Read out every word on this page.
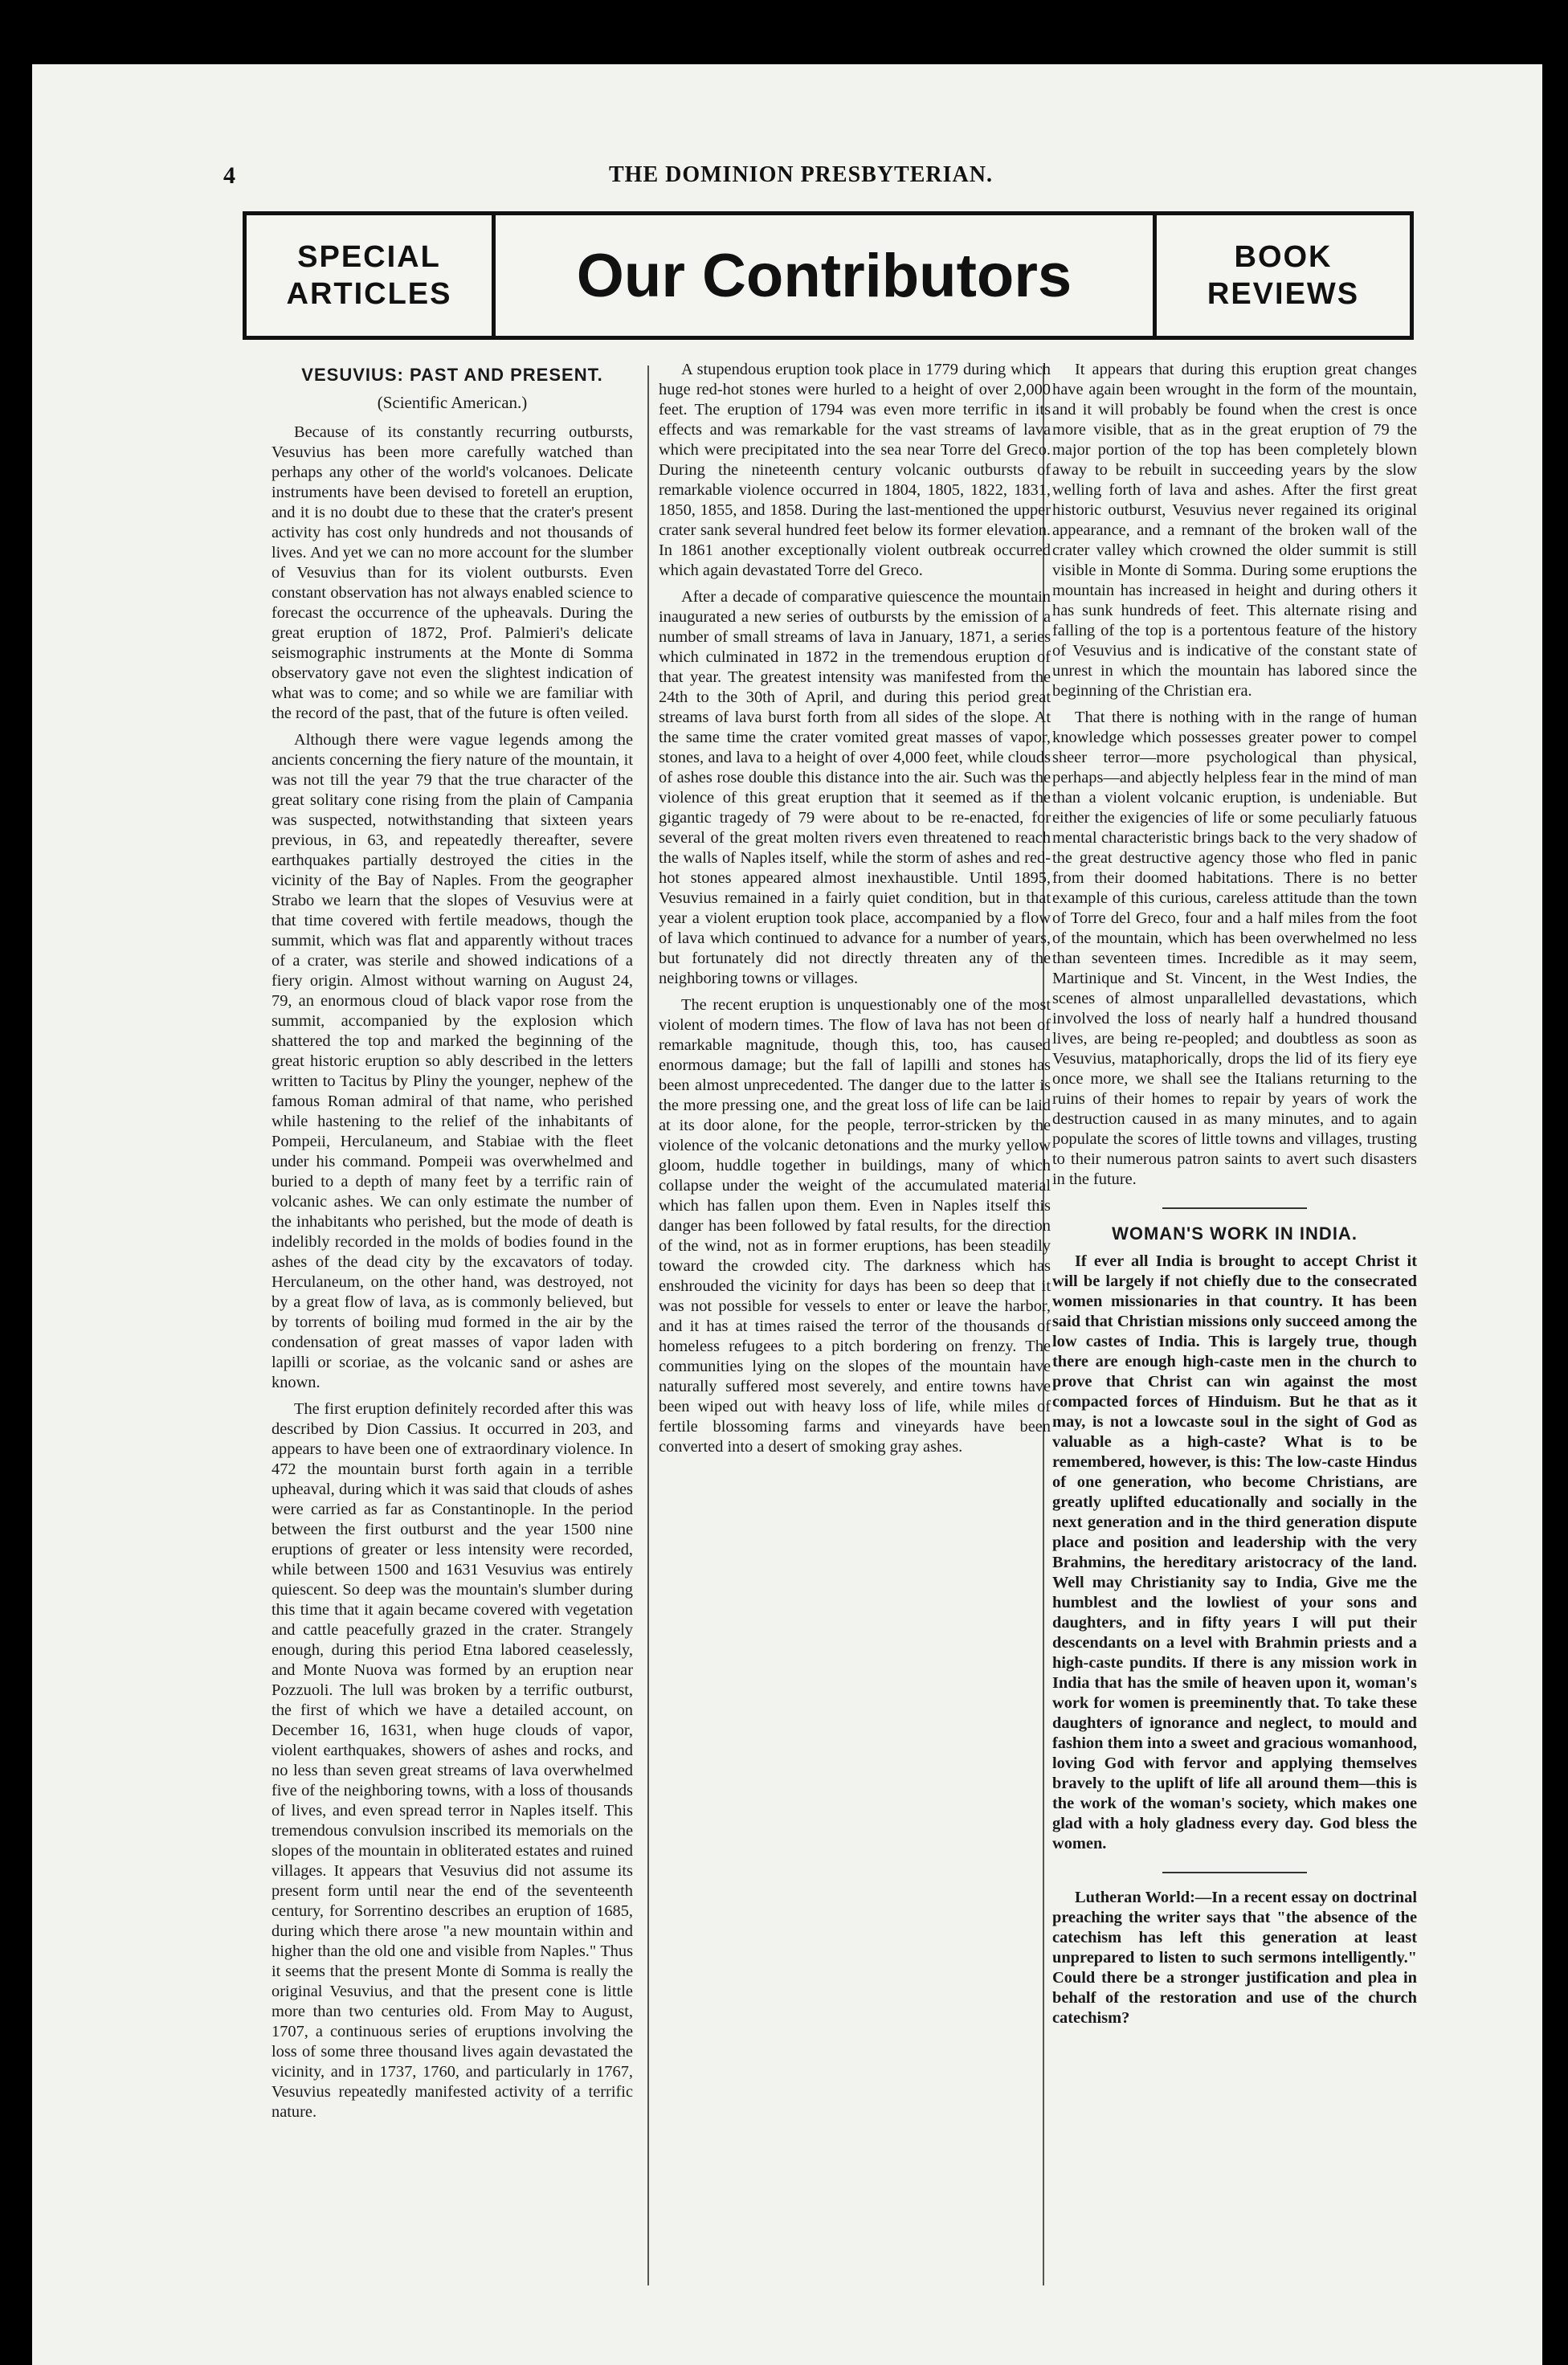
4	THE DOMINION PRESBYTERIAN.
SPECIAL
ARTICLES	Our Contributors	BOOK
REVIEWS
VESUVIUS: PAST AND PRESENT.
(Scientific American.)

Because of its constantly recurring outbursts, Vesuvius has been more carefully watched than perhaps any other of the world's volcanoes. Delicate instruments have been devised to foretell an eruption, and it is no doubt due to these that the crater's present activity has cost only hundreds and not thousands of lives. And yet we can no more account for the slumber of Vesuvius than for its violent outbursts. Even constant observation has not always enabled science to forecast the occurrence of the upheavals. During the great eruption of 1872, Prof. Palmieri's delicate seismographic instruments at the Monte di Somma observatory gave not even the slightest indication of what was to come; and so while we are familiar with the record of the past, that of the future is often veiled.

Although there were vague legends among the ancients concerning the fiery nature of the mountain, it was not till the year 79 that the true character of the great solitary cone rising from the plain of Campania was suspected, notwithstanding that sixteen years previous, in 63, and repeatedly thereafter, severe earthquakes partially destroyed the cities in the vicinity of the Bay of Naples. From the geographer Strabo we learn that the slopes of Vesuvius were at that time covered with fertile meadows, though the summit, which was flat and apparently without traces of a crater, was sterile and showed indications of a fiery origin. Almost without warning on August 24, 79, an enormous cloud of black vapor rose from the summit, accompanied by the explosion which shattered the top and marked the beginning of the great historic eruption so ably described in the letters written to Tacitus by Pliny the younger, nephew of the famous Roman admiral of that name, who perished while hastening to the relief of the inhabitants of Pompeii, Herculaneum, and Stabiae with the fleet under his command. Pompeii was overwhelmed and buried to a depth of many feet by a terrific rain of volcanic ashes. We can only estimate the number of the inhabitants who perished, but the mode of death is indelibly recorded in the molds of bodies found in the ashes of the dead city by the excavators of today. Herculaneum, on the other hand, was destroyed, not by a great flow of lava, as is commonly believed, but by torrents of boiling mud formed in the air by the condensation of great masses of vapor laden with lapilli or scoriae, as the volcanic sand or ashes are known.

The first eruption definitely recorded after this was described by Dion Cassius. It occurred in 203, and appears to have been one of extraordinary violence. In 472 the mountain burst forth again in a terrible upheaval, during which it was said that clouds of ashes were carried as far as Constantinople. In the period between the first outburst and the year 1500 nine eruptions of greater or less intensity were recorded, while between 1500 and 1631 Vesuvius was entirely quiescent. So deep was the mountain's slumber during this time that it again became covered with vegetation and cattle peacefully grazed in the crater. Strangely enough, during this period Etna labored ceaselessly, and Monte Nuova was formed by an eruption near Pozzuoli. The lull was broken by a terrific outburst, the first of which we have a detailed account, on December 16, 1631, when huge clouds of vapor, violent earthquakes, showers of ashes and rocks, and no less than seven great streams of lava overwhelmed five of the neighboring towns, with a loss of thousands of lives, and even spread terror in Naples itself. This tremendous convulsion inscribed its memorials on the slopes of the mountain in obliterated estates and ruined villages. It appears that Vesuvius did not assume its present form until near the end of the seventeenth century, for Sorrentino describes an eruption of 1685, during which there arose "a new mountain within and higher than the old one and visible from Naples." Thus it seems that the present Monte di Somma is really the original Vesuvius, and that the present cone is little more than two centuries old. From May to August, 1707, a continuous series of eruptions involving the loss of some three thousand lives again devastated the vicinity, and in 1737, 1760, and particularly in 1767, Vesuvius repeatedly manifested activity of a terrific nature.

A stupendous eruption took place in 1779 during which huge red-hot stones were hurled to a height of over 2,000 feet. The eruption of 1794 was even more terrific in its effects and was remarkable for the vast streams of lava which were precipitated into the sea near Torre del Greco. During the nineteenth century volcanic outbursts of remarkable violence occurred in 1804, 1805, 1822, 1831, 1850, 1855, and 1858. During the last-mentioned the upper crater sank several hundred feet below its former elevation. In 1861 another exceptionally violent outbreak occurred which again devastated Torre del Greco.

After a decade of comparative quiescence the mountain inaugurated a new series of outbursts by the emission of a number of small streams of lava in January, 1871, a series which culminated in 1872 in the tremendous eruption of that year. The greatest intensity was manifested from the 24th to the 30th of April, and during this period great streams of lava burst forth from all sides of the slope. At the same time the crater vomited great masses of vapor, stones, and lava to a height of over 4,000 feet, while clouds of ashes rose double this distance into the air. Such was the violence of this great eruption that it seemed as if the gigantic tragedy of 79 were about to be re-enacted, for several of the great molten rivers even threatened to reach the walls of Naples itself, while the storm of ashes and red-hot stones appeared almost inexhaustible. Until 1895, Vesuvius remained in a fairly quiet condition, but in that year a violent eruption took place, accompanied by a flow of lava which continued to advance for a number of years, but fortunately did not directly threaten any of the neighboring towns or villages.

The recent eruption is unquestionably one of the most violent of modern times. The flow of lava has not been of remarkable magnitude, though this, too, has caused enormous damage; but the fall of lapilli and stones has been almost unprecedented. The danger due to the latter is the more pressing one, and the great loss of life can be laid at its door alone, for the people, terror-stricken by the violence of the volcanic detonations and the murky yellow gloom, huddle together in buildings, many of which collapse under the weight of the accumulated material which has fallen upon them. Even in Naples itself this danger has been followed by fatal results, for the direction of the wind, not as in former eruptions, has been steadily toward the crowded city. The darkness which has enshrouded the vicinity for days has been so deep that it was not possible for vessels to enter or leave the harbor, and it has at times raised the terror of the thousands of homeless refugees to a pitch bordering on frenzy. The communities lying on the slopes of the mountain have naturally suffered most severely, and entire towns have been wiped out with heavy loss of life, while miles of fertile blossoming farms and vineyards have been converted into a desert of smoking gray ashes.

It appears that during this eruption great changes have again been wrought in the form of the mountain, and it will probably be found when the crest is once more visible, that as in the great eruption of 79 the major portion of the top has been completely blown away to be rebuilt in succeeding years by the slow welling forth of lava and ashes. After the first great historic outburst, Vesuvius never regained its original appearance, and a remnant of the broken wall of the crater valley which crowned the older summit is still visible in Monte di Somma. During some eruptions the mountain has increased in height and during others it has sunk hundreds of feet. This alternate rising and falling of the top is a portentous feature of the history of Vesuvius and is indicative of the constant state of unrest in which the mountain has labored since the beginning of the Christian era.

That there is nothing with in the range of human knowledge which possesses greater power to compel sheer terror—more psychological than physical, perhaps—and abjectly helpless fear in the mind of man than a violent volcanic eruption, is undeniable. But either the exigencies of life or some peculiarly fatuous mental characteristic brings back to the very shadow of the great destructive agency those who fled in panic from their doomed habitations. There is no better example of this curious, careless attitude than the town of Torre del Greco, four and a half miles from the foot of the mountain, which has been overwhelmed no less than seventeen times. Incredible as it may seem, Martinique and St. Vincent, in the West Indies, the scenes of almost unparallelled devastations, which involved the loss of nearly half a hundred thousand lives, are being re-peopled; and doubtless as soon as Vesuvius, mataphorically, drops the lid of its fiery eye once more, we shall see the Italians returning to the ruins of their homes to repair by years of work the destruction caused in as many minutes, and to again populate the scores of little towns and villages, trusting to their numerous patron saints to avert such disasters in the future.

WOMAN'S WORK IN INDIA.

If ever all India is brought to accept Christ it will be largely if not chiefly due to the consecrated women missionaries in that country. It has been said that Christian missions only succeed among the low castes of India. This is largely true, though there are enough high-caste men in the church to prove that Christ can win against the most compacted forces of Hinduism. But he that as it may, is not a lowcaste soul in the sight of God as valuable as a high-caste? What is to be remembered, however, is this: The low-caste Hindus of one generation, who become Christians, are greatly uplifted educationally and socially in the next generation and in the third generation dispute place and position and leadership with the very Brahmins, the hereditary aristocracy of the land. Well may Christianity say to India, Give me the humblest and the lowliest of your sons and daughters, and in fifty years I will put their descendants on a level with Brahmin priests and a high-caste pundits. If there is any mission work in India that has the smile of heaven upon it, woman's work for women is preeminently that. To take these daughters of ignorance and neglect, to mould and fashion them into a sweet and gracious womanhood, loving God with fervor and applying themselves bravely to the uplift of life all around them—this is the work of the woman's society, which makes one glad with a holy gladness every day. God bless the women.

Lutheran World:—In a recent essay on doctrinal preaching the writer says that "the absence of the catechism has left this generation at least unprepared to listen to such sermons intelligently." Could there be a stronger justification and plea in behalf of the restoration and use of the church catechism?
